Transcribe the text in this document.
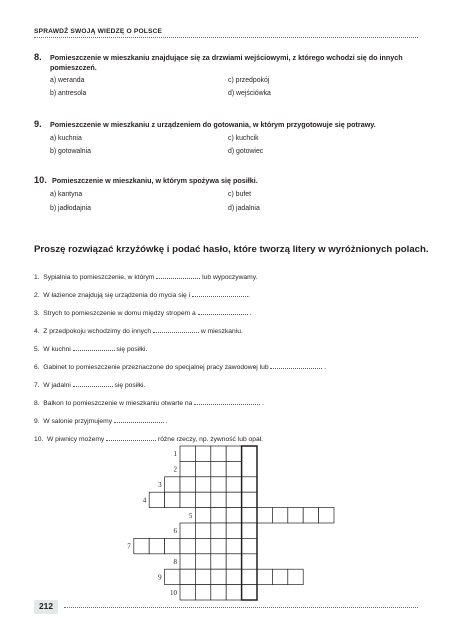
SPRAWDŹ SWOJĄ WIEDZĘ O POLSCE
8. Pomieszczenie w mieszkaniu znajdujące się za drzwiami wejściowymi, z którego wchodzi się do innych pomieszczeń.
a) weranda	c) przedpokój
b) antresola	d) wejściówka
9. Pomieszczenie w mieszkaniu z urządzeniem do gotowania, w którym przygotowuje się potrawy.
a) kuchnia	c) kuchcik
b) gotowalnia	d) gotowiec
10. Pomieszczenie w mieszkaniu, w którym spożywa się posiłki.
a) kantyna	c) bufet
b) jadłodajnia	d) jadalnia
Proszę rozwiązać krzyżówkę i podać hasło, które tworzą litery w wyróżnionych polach.
1. Sypialnia to pomieszczenie, w którym	lub wypoczywamy.
2. W łazience znajdują się urządzenia do mycia się i	.
3. Strych to pomieszczenie w domu między stropem a	.
4. Z przedpokoju wchodzimy do innych	w mieszkaniu.
5. W kuchni	się posiłki.
6. Gabinet to pomieszczenie przeznaczone do specjalnej pracy zawodowej lub	.
7. W jadalni	się posiłki.
8. Balkon to pomieszczenie w mieszkaniu otwarte na	.
9. W salonie przyjmujemy	.
10. W piwnicy możemy	różne rzeczy, np. żywność lub opał.
1
2
3
4
5
6
7
8
9
10
212
